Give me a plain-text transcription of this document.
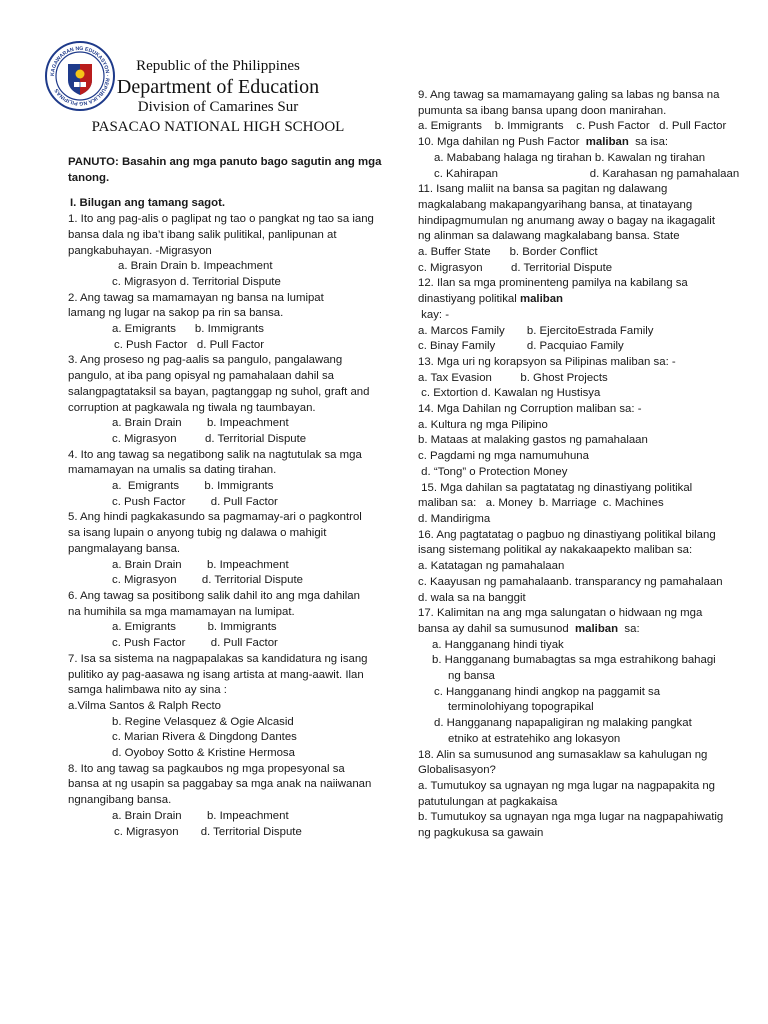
KAGAWARAN NG EDUKASYON · REPUBLIKA NG PILIPINAS
Republic of the Philippines
Department of Education
Division of Camarines Sur
PASACAO NATIONAL HIGH SCHOOL
PANUTO: Basahin ang mga panuto bago sagutin ang mga
tanong.
I. Bilugan ang tamang sagot.
1. Ito ang pag-alis o paglipat ng tao o pangkat ng tao sa iang
bansa dala ng iba’t ibang salik pulitikal, panlipunan at
pangkabuhayan. -Migrasyon
a. Brain Drain b. Impeachment
c. Migrasyon d. Territorial Dispute
2. Ang tawag sa mamamayan ng bansa na lumipat
lamang ng lugar na sakop pa rin sa bansa.
a. Emigrants      b. Immigrants
c. Push Factor   d. Pull Factor
3. Ang proseso ng pag-aalis sa pangulo, pangalawang
pangulo, at iba pang opisyal ng pamahalaan dahil sa
salangpagtataksil sa bayan, pagtanggap ng suhol, graft and
corruption at pagkawala ng tiwala ng taumbayan.
a. Brain Drain        b. Impeachment
c. Migrasyon         d. Territorial Dispute
4. Ito ang tawag sa negatibong salik na nagtutulak sa mga
mamamayan na umalis sa dating tirahan.
a.  Emigrants        b. Immigrants
c. Push Factor        d. Pull Factor
5. Ang hindi pagkakasundo sa pagmamay-ari o pagkontrol
sa isang lupain o anyong tubig ng dalawa o mahigit
pangmalayang bansa.
a. Brain Drain        b. Impeachment
c. Migrasyon        d. Territorial Dispute
6. Ang tawag sa positibong salik dahil ito ang mga dahilan
na humihila sa mga mamamayan na lumipat.
a. Emigrants          b. Immigrants
c. Push Factor        d. Pull Factor
7. Isa sa sistema na nagpapalakas sa kandidatura ng isang
pulitiko ay pag-aasawa ng isang artista at mang-aawit. Ilan
samga halimbawa nito ay sina :
a.Vilma Santos & Ralph Recto
b. Regine Velasquez & Ogie Alcasid
c. Marian Rivera & Dingdong Dantes
d. Oyoboy Sotto & Kristine Hermosa
8. Ito ang tawag sa pagkaubos ng mga propesyonal sa
bansa at ng usapin sa paggabay sa mga anak na naiiwanan
ngnangibang bansa.
a. Brain Drain        b. Impeachment
c. Migrasyon       d. Territorial Dispute
9. Ang tawag sa mamamayang galing sa labas ng bansa na
pumunta sa ibang bansa upang doon manirahan.
a. Emigrants    b. Immigrants    c. Push Factor   d. Pull Factor
10. Mga dahilan ng Push Factor  maliban  sa isa:
a. Mababang halaga ng tirahan b. Kawalan ng tirahan
c. Kahirapan                             d. Karahasan ng pamahalaan
11. Isang maliit na bansa sa pagitan ng dalawang
magkalabang makapangyarihang bansa, at tinatayang
hindipagmumulan ng anumang away o bagay na ikagagalit
ng alinman sa dalawang magkalabang bansa. State
a. Buffer State      b. Border Conflict
c. Migrasyon         d. Territorial Dispute
12. Ilan sa mga prominenteng pamilya na kabilang sa
dinastiyang politikal maliban
kay: -
a. Marcos Family       b. EjercitoEstrada Family
c. Binay Family          d. Pacquiao Family
13. Mga uri ng korapsyon sa Pilipinas maliban sa: -
a. Tax Evasion         b. Ghost Projects
c. Extortion d. Kawalan ng Hustisya
14. Mga Dahilan ng Corruption maliban sa: -
a. Kultura ng mga Pilipino
b. Mataas at malaking gastos ng pamahalaan
c. Pagdami ng mga namumuhuna
d. “Tong” o Protection Money
15. Mga dahilan sa pagtatatag ng dinastiyang politikal
maliban sa:   a. Money  b. Marriage  c. Machines
d. Mandirigma
16. Ang pagtatatag o pagbuo ng dinastiyang politikal bilang
isang sistemang politikal ay nakakaapekto maliban sa:
a. Katatagan ng pamahalaan
c. Kaayusan ng pamahalaanb. transparancy ng pamahalaan
d. wala sa na banggit
17. Kalimitan na ang mga salungatan o hidwaan ng mga
bansa ay dahil sa sumusunod  maliban  sa:
a. Hangganang hindi tiyak
b. Hangganang bumabagtas sa mga estrahikong bahagi
ng bansa
c. Hangganang hindi angkop na paggamit sa
terminolohiyang topograpikal
d. Hangganang napapaligiran ng malaking pangkat
etniko at estratehiko ang lokasyon
18. Alin sa sumusunod ang sumasaklaw sa kahulugan ng
Globalisasyon?
a. Tumutukoy sa ugnayan ng mga lugar na nagpapakita ng
patutulungan at pagkakaisa
b. Tumutukoy sa ugnayan nga mga lugar na nagpapahiwatig
ng pagkukusa sa gawain
